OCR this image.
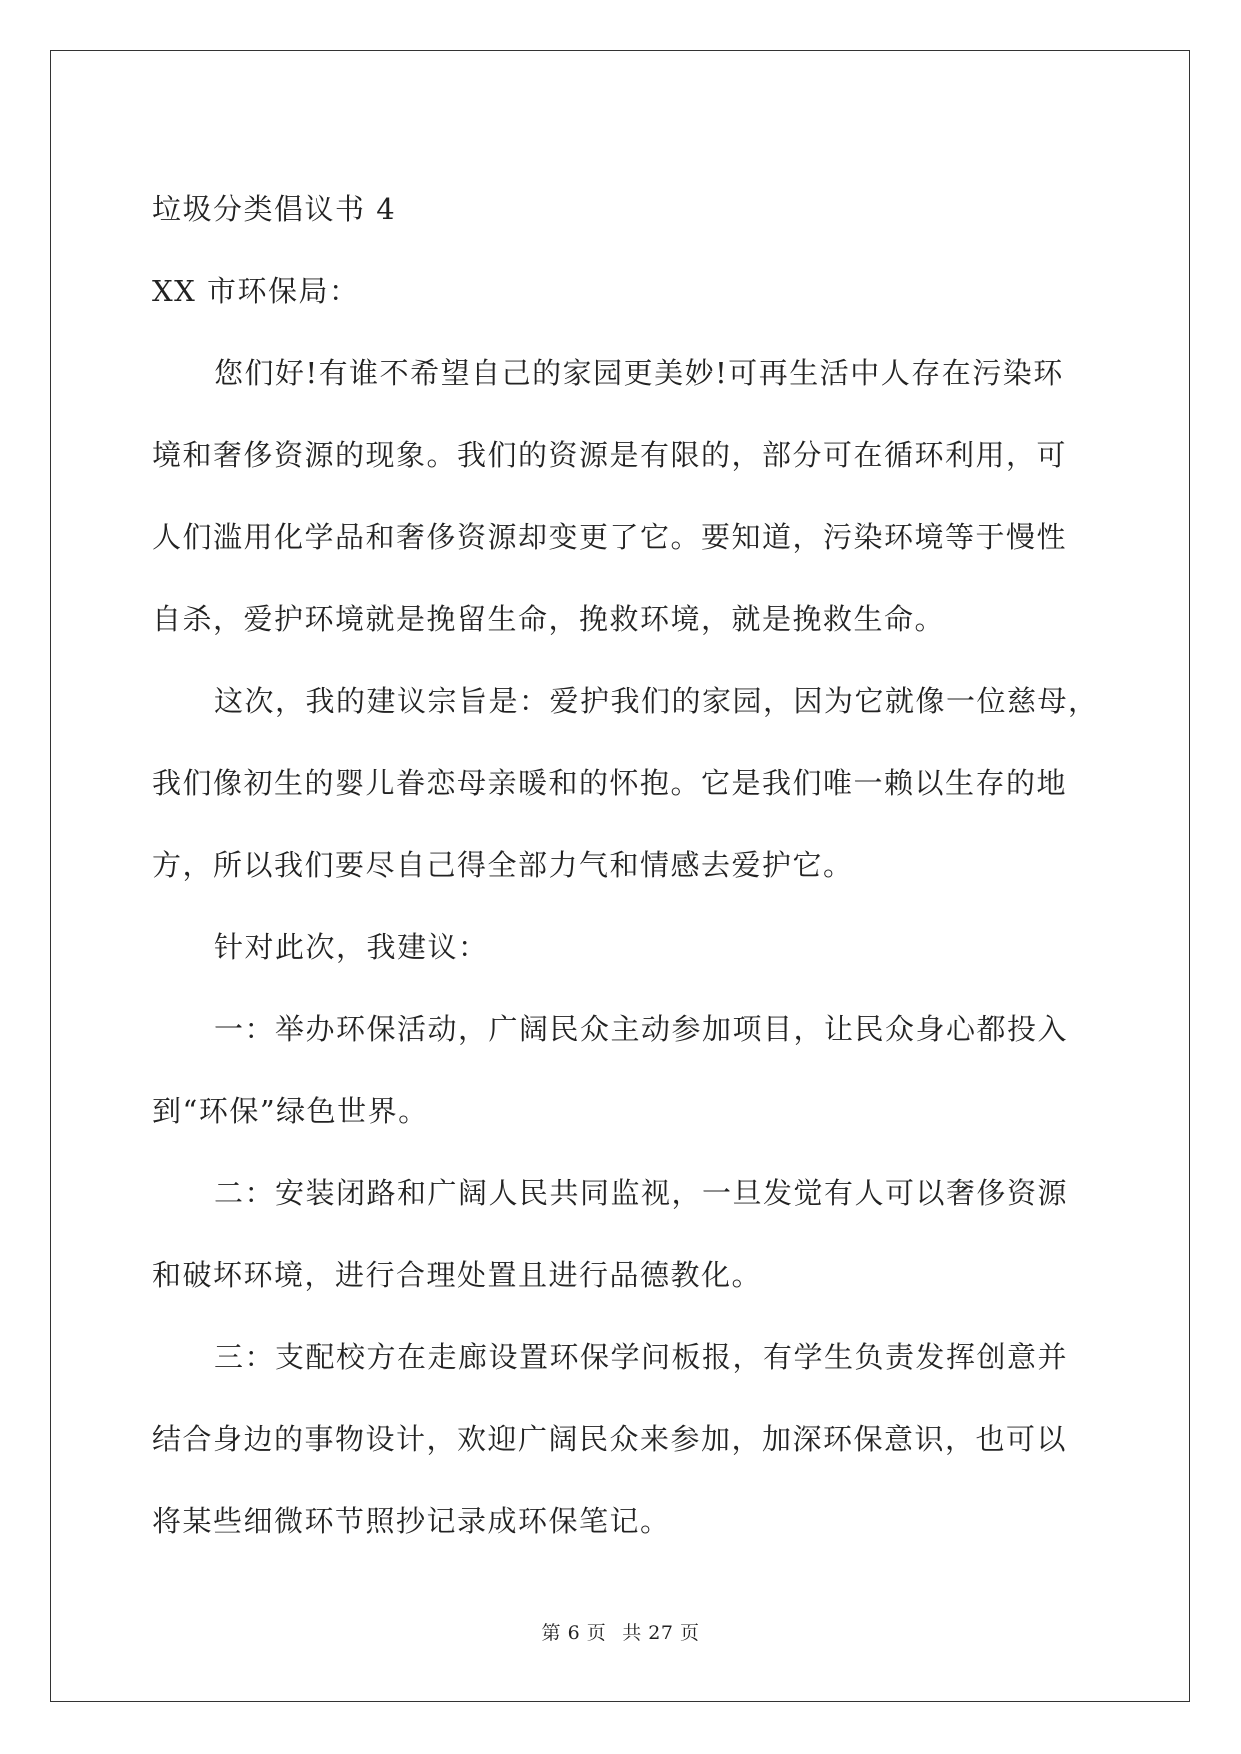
垃圾分类倡议书 4
XX 市环保局：
您们好!有谁不希望自己的家园更美妙!可再生活中人存在污染环
境和奢侈资源的现象。我们的资源是有限的，部分可在循环利用，可
人们滥用化学品和奢侈资源却变更了它。要知道，污染环境等于慢性
自杀，爱护环境就是挽留生命，挽救环境，就是挽救生命。
这次，我的建议宗旨是：爱护我们的家园，因为它就像一位慈母，
我们像初生的婴儿眷恋母亲暖和的怀抱。它是我们唯一赖以生存的地
方，所以我们要尽自己得全部力气和情感去爱护它。
针对此次，我建议：
一：举办环保活动，广阔民众主动参加项目，让民众身心都投入
到“环保”绿色世界。
二：安装闭路和广阔人民共同监视，一旦发觉有人可以奢侈资源
和破坏环境，进行合理处置且进行品德教化。
三：支配校方在走廊设置环保学问板报，有学生负责发挥创意并
结合身边的事物设计，欢迎广阔民众来参加，加深环保意识，也可以
将某些细微环节照抄记录成环保笔记。
第 6 页 共 27 页
